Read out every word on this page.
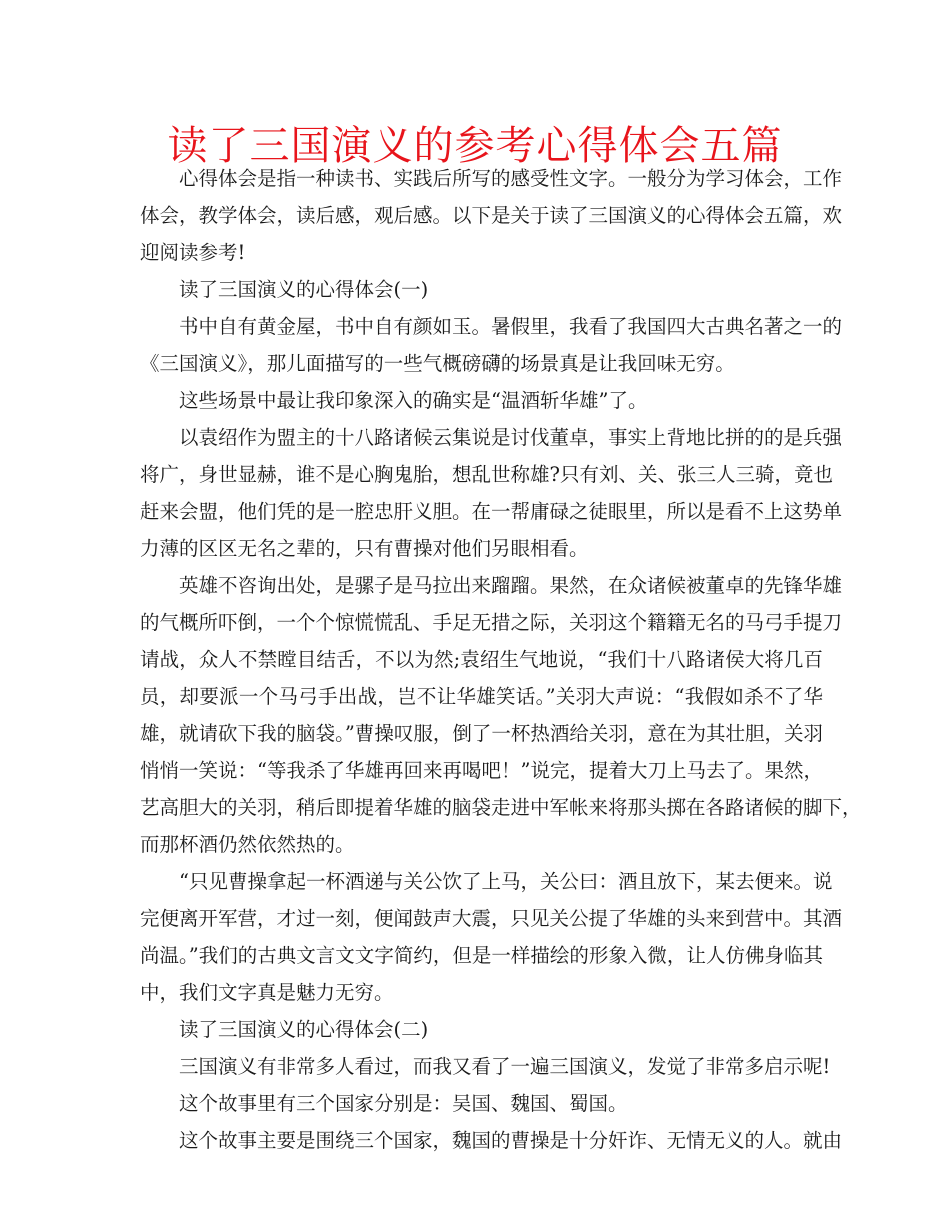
读了三国演义的参考心得体会五篇
心得体会是指一种读书、实践后所写的感受性文字。一般分为学习体会，工作
体会，教学体会，读后感，观后感。以下是关于读了三国演义的心得体会五篇，欢
迎阅读参考!
读了三国演义的心得体会(一)
书中自有黄金屋，书中自有颜如玉。暑假里，我看了我国四大古典名著之一的
《三国演义》，那儿面描写的一些气概磅礴的场景真是让我回味无穷。
这些场景中最让我印象深入的确实是“温酒斩华雄”了。
以袁绍作为盟主的十八路诸候云集说是讨伐董卓，事实上背地比拼的的是兵强
将广，身世显赫，谁不是心胸鬼胎，想乱世称雄?只有刘、关、张三人三骑，竟也
赶来会盟，他们凭的是一腔忠肝义胆。在一帮庸碌之徒眼里，所以是看不上这势单
力薄的区区无名之辈的，只有曹操对他们另眼相看。
英雄不咨询出处，是骡子是马拉出来蹓蹓。果然，在众诸候被董卓的先锋华雄
的气概所吓倒，一个个惊慌慌乱、手足无措之际，关羽这个籍籍无名的马弓手提刀
请战，众人不禁瞠目结舌，不以为然;袁绍生气地说，“我们十八路诸侯大将几百
员，却要派一个马弓手出战，岂不让华雄笑话。”关羽大声说：“我假如杀不了华
雄，就请砍下我的脑袋。”曹操叹服，倒了一杯热酒给关羽，意在为其壮胆，关羽
悄悄一笑说：“等我杀了华雄再回来再喝吧！”说完，提着大刀上马去了。果然，
艺高胆大的关羽，稍后即提着华雄的脑袋走进中军帐来将那头掷在各路诸候的脚下，
而那杯酒仍然依然热的。
“只见曹操拿起一杯酒递与关公饮了上马，关公曰：酒且放下，某去便来。说
完便离开军营，才过一刻，便闻鼓声大震，只见关公提了华雄的头来到营中。其酒
尚温。”我们的古典文言文文字简约，但是一样描绘的形象入微，让人仿佛身临其
中，我们文字真是魅力无穷。
读了三国演义的心得体会(二)
三国演义有非常多人看过，而我又看了一遍三国演义，发觉了非常多启示呢!
这个故事里有三个国家分别是：吴国、魏国、蜀国。
这个故事主要是围绕三个国家，魏国的曹操是十分奸诈、无情无义的人。就由
